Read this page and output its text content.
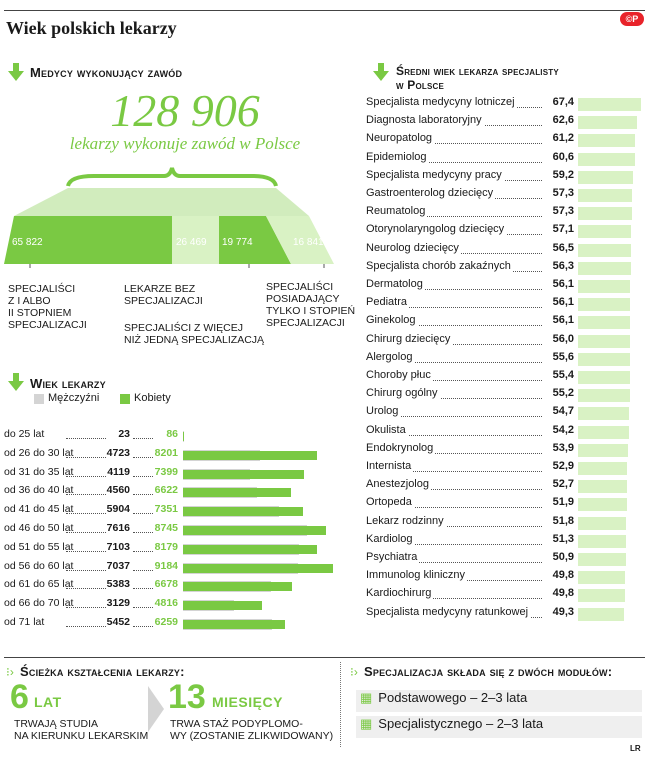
Wiek polskich lekarzy	©P
Medycy wykonujący zawód
128 906
lekarzy wykonuje zawód w Polsce
65 822	26 469 19 774	16 841
SPECJALIŚCI
Z I ALBO
II STOPNIEM
SPECJALIZACJI
LEKARZE BEZ
SPECJALIZACJI
SPECJALIŚCI Z WIĘCEJ
NIŻ JEDNĄ SPECJALIZACJĄ
SPECJALIŚCI
POSIADAJĄCY
TYLKO I STOPIEŃ
SPECJALIZACJI
Wiek lekarzy
Mężczyźni	Kobiety
do 25 lat	23	86
od 26 do 30 lat	4723	8201
od 31 do 35 lat	4119	7399
od 36 do 40 lat	4560	6622
od 41 do 45 lat	5904	7351
od 46 do 50 lat	7616	8745
od 51 do 55 lat	7103	8179
od 56 do 60 lat	7037	9184
od 61 do 65 lat	5383	6678
od 66 do 70 lat	3129	4816
od 71 lat	5452	6259
Średni wiek lekarza specjalisty
w Polsce
Specjalista medycyny lotniczej	67,4
Diagnosta laboratoryjny	62,6
Neuropatolog	61,2
Epidemiolog	60,6
Specjalista medycyny pracy	59,2
Gastroenterolog dziecięcy	57,3
Reumatolog	57,3
Otorynolaryngolog dziecięcy	57,1
Neurolog dziecięcy	56,5
Specjalista chorób zakaźnych	56,3
Dermatolog	56,1
Pediatra	56,1
Ginekolog	56,1
Chirurg dziecięcy	56,0
Alergolog	55,6
Choroby płuc	55,4
Chirurg ogólny	55,2
Urolog	54,7
Okulista	54,2
Endokrynolog	53,9
Internista	52,9
Anestezjolog	52,7
Ortopeda	51,9
Lekarz rodzinny	51,8
Kardiolog	51,3
Psychiatra	50,9
Immunolog kliniczny	49,8
Kardiochirurg	49,8
Specjalista medycyny ratunkowej	49,3
⁝› Ścieżka kształcenia lekarzy:
6 LAT
TRWAJĄ STUDIA
NA KIERUNKU LEKARSKIM
13 MIESIĘCY
TRWA STAŻ PODYPLOMO-
WY (ZOSTANIE ZLIKWIDOWANY)
⁝› Specjalizacja składa się z dwóch modułów:
▦ Podstawowego – 2–3 lata
▦ Specjalistycznego – 2–3 lata
LR
